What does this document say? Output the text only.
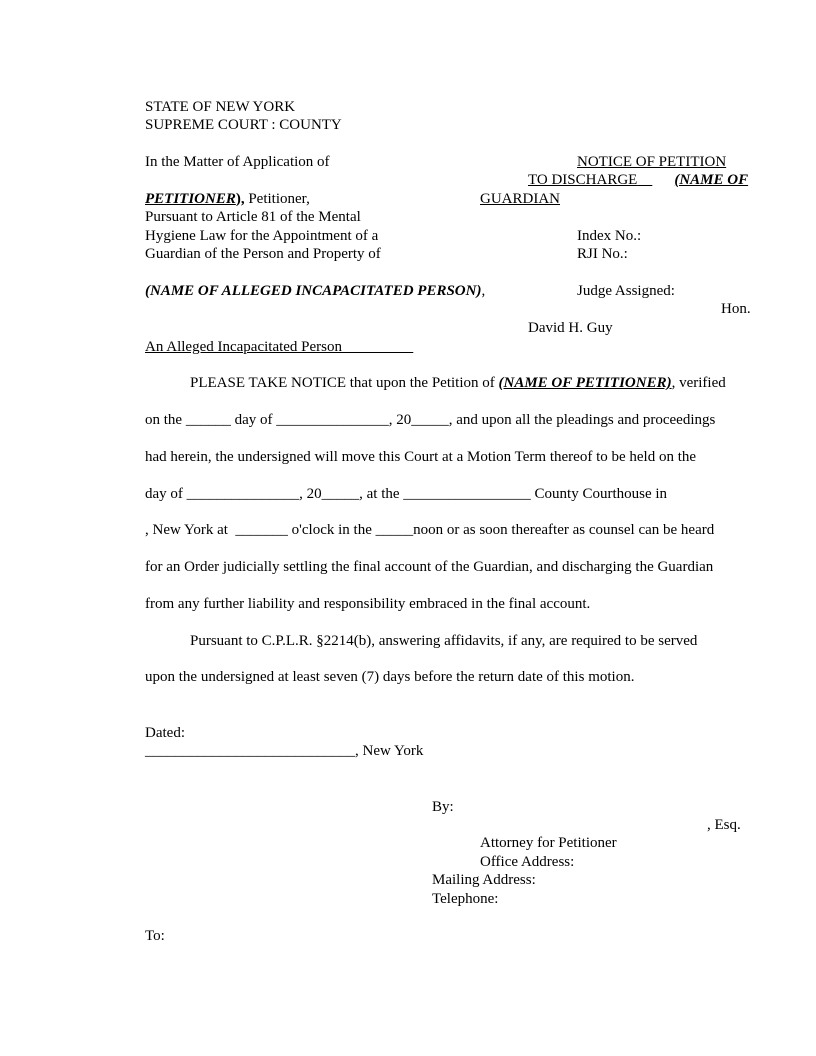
STATE OF NEW YORK
SUPREME COURT : COUNTY
In the Matter of Application of
PETITIONER), Petitioner,
Pursuant to Article 81 of the Mental
Hygiene Law for the Appointment of a
Guardian of the Person and Property of
(NAME OF ALLEGED INCAPACITATED PERSON),
An Alleged Incapacitated Person
NOTICE OF PETITION
TO DISCHARGE (NAME OF
GUARDIAN
Index No.:
RJI No.:
Judge Assigned:
Hon.
David H. Guy
PLEASE TAKE NOTICE that upon the Petition of (NAME OF PETITIONER), verified
on the ______ day of _______________, 20_____, and upon all the pleadings and proceedings
had herein, the undersigned will move this Court at a Motion Term thereof to be held on the
day of _______________, 20_____, at the _________________ County Courthouse in
, New York at  _______ o'clock in the _____noon or as soon thereafter as counsel can be heard
for an Order judicially settling the final account of the Guardian, and discharging the Guardian
from any further liability and responsibility embraced in the final account.
Pursuant to C.P.L.R. §2214(b), answering affidavits, if any, are required to be served
upon the undersigned at least seven (7) days before the return date of this motion.
Dated:
____________________________, New York
By:
, Esq.
Attorney for Petitioner
Office Address:
Mailing Address:
Telephone:
To:
